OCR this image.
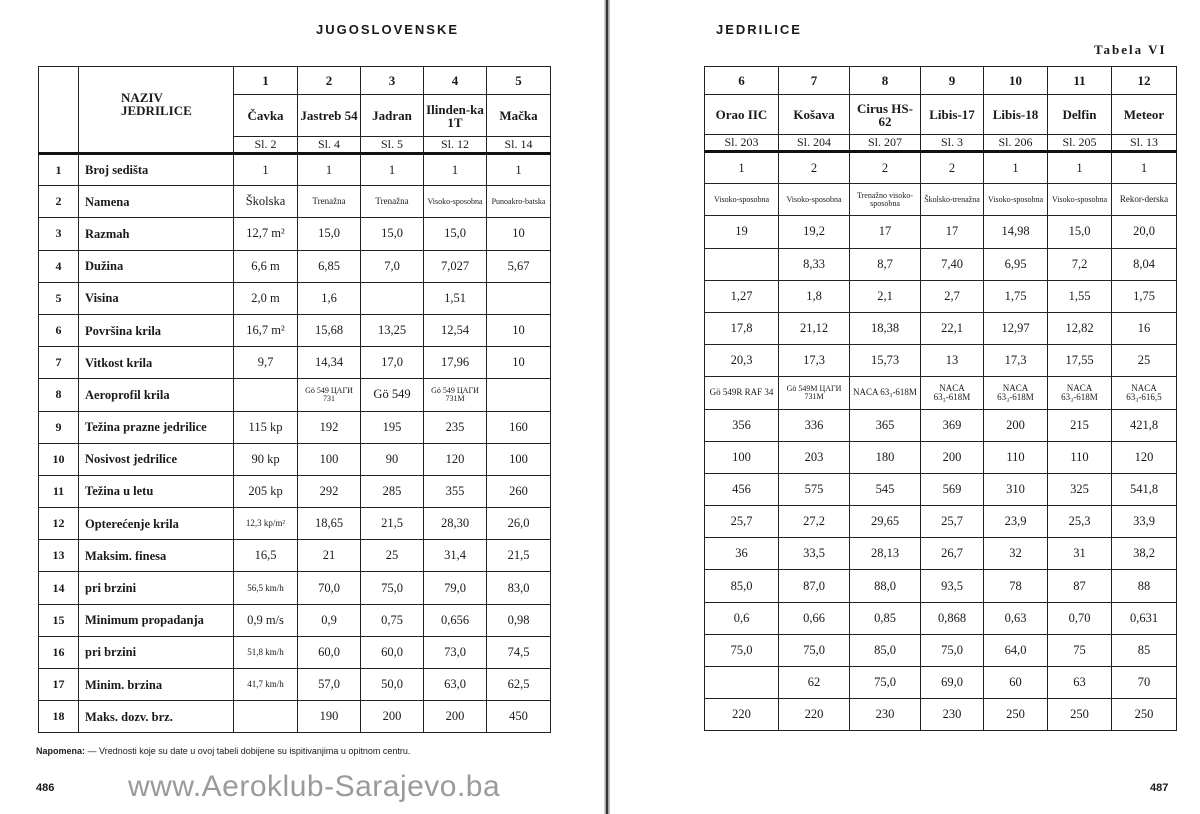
JUGOSLOVENSKE	JEDRILICE
Tabela VI
	NAZIV JEDRILICE	1	2	3	4	5
		Čavka	Jastreb 54	Jadran	Ilinden-ka 1T	Mačka
		Sl. 2	Sl. 4	Sl. 5	Sl. 12	Sl. 14
1	Broj sedišta	1	1	1	1	1
2	Namena	Školska	Trenažna	Trenažna	Visoko-sposobna	Punoakro-batska
3	Razmah	12,7 m²	15,0	15,0	15,0	10
4	Dužina	6,6 m	6,85	7,0	7,027	5,67
5	Visina	2,0 m	1,6		1,51	
6	Površina krila	16,7 m²	15,68	13,25	12,54	10
7	Vitkost krila	9,7	14,34	17,0	17,96	10
8	Aeroprofil krila		Gö 549 ЦАГИ 731	Gö 549	Gö 549 ЦАГИ 731M	
9	Težina prazne jedrilice	115 kp	192	195	235	160
10	Nosivost jedrilice	90 kp	100	90	120	100
11	Težina u letu	205 kp	292	285	355	260
12	Opterećenje krila	12,3 kp/m²	18,65	21,5	28,30	26,0
13	Maksim. finesa	16,5	21	25	31,4	21,5
14	pri brzini	56,5 km/h	70,0	75,0	79,0	83,0
15	Minimum propadanja	0,9 m/s	0,9	0,75	0,656	0,98
16	pri brzini	51,8 km/h	60,0	60,0	73,0	74,5
17	Minim. brzina	41,7 km/h	57,0	50,0	63,0	62,5
18	Maks. dozv. brz.		190	200	200	450
6	7	8	9	10	11	12
Orao IIC	Košava	Cirus HS-62	Libis-17	Libis-18	Delfin	Meteor
Sl. 203	Sl. 204	Sl. 207	Sl. 3	Sl. 206	Sl. 205	Sl. 13
1	2	2	2	1	1	1
Visoko-sposobna	Visoko-sposobna	Trenažno visoko-sposobna	Školsko-trenažna	Visoko-sposobna	Visoko-sposobna	Rekor-derska
19	19,2	17	17	14,98	15,0	20,0
	8,33	8,7	7,40	6,95	7,2	8,04
1,27	1,8	2,1	2,7	1,75	1,55	1,75
17,8	21,12	18,38	22,1	12,97	12,82	16
20,3	17,3	15,73	13	17,3	17,55	25
Gö 549R RAF 34	Gö 549M ЦАГИ 731M	NACA 63₃-618M	NACA 63₃-618M	NACA 63₃-618M	NACA 63₃-618M	NACA 63₃-616,5
356	336	365	369	200	215	421,8
100	203	180	200	110	110	120
456	575	545	569	310	325	541,8
25,7	27,2	29,65	25,7	23,9	25,3	33,9
36	33,5	28,13	26,7	32	31	38,2
85,0	87,0	88,0	93,5	78	87	88
0,6	0,66	0,85	0,868	0,63	0,70	0,631
75,0	75,0	85,0	75,0	64,0	75	85
	62	75,0	69,0	60	63	70
220	220	230	230	250	250	250
Napomena: — Vrednosti koje su date u ovoj tabeli dobijene su ispitivanjima u opitnom centru.
486	487
www.Aeroklub-Sarajevo.ba
